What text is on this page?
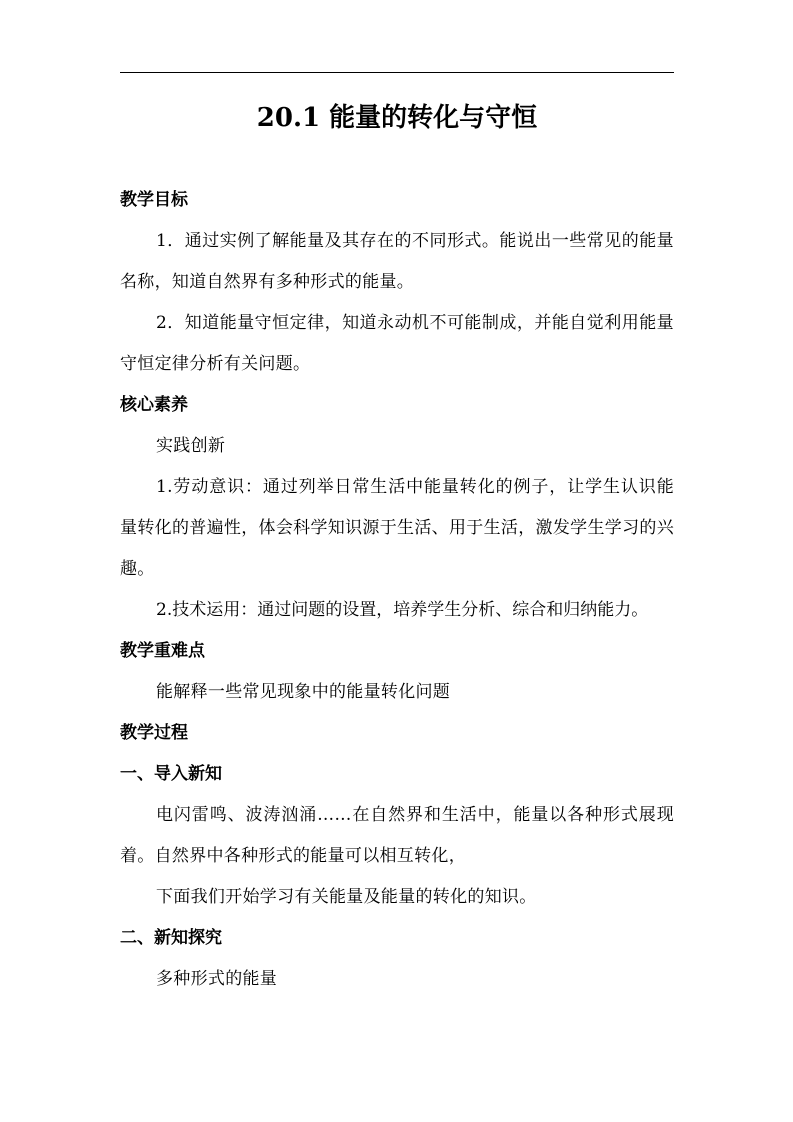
20.1 能量的转化与守恒
教学目标

1．通过实例了解能量及其存在的不同形式。能说出一些常见的能量名称，知道自然界有多种形式的能量。

2．知道能量守恒定律，知道永动机不可能制成，并能自觉利用能量守恒定律分析有关问题。

核心素养

实践创新

1.劳动意识：通过列举日常生活中能量转化的例子，让学生认识能量转化的普遍性，体会科学知识源于生活、用于生活，激发学生学习的兴趣。

2.技术运用：通过问题的设置，培养学生分析、综合和归纳能力。

教学重难点

能解释一些常见现象中的能量转化问题

教学过程
一、导入新知

电闪雷鸣、波涛汹涌……在自然界和生活中，能量以各种形式展现着。自然界中各种形式的能量可以相互转化，

下面我们开始学习有关能量及能量的转化的知识。

二、新知探究

多种形式的能量
